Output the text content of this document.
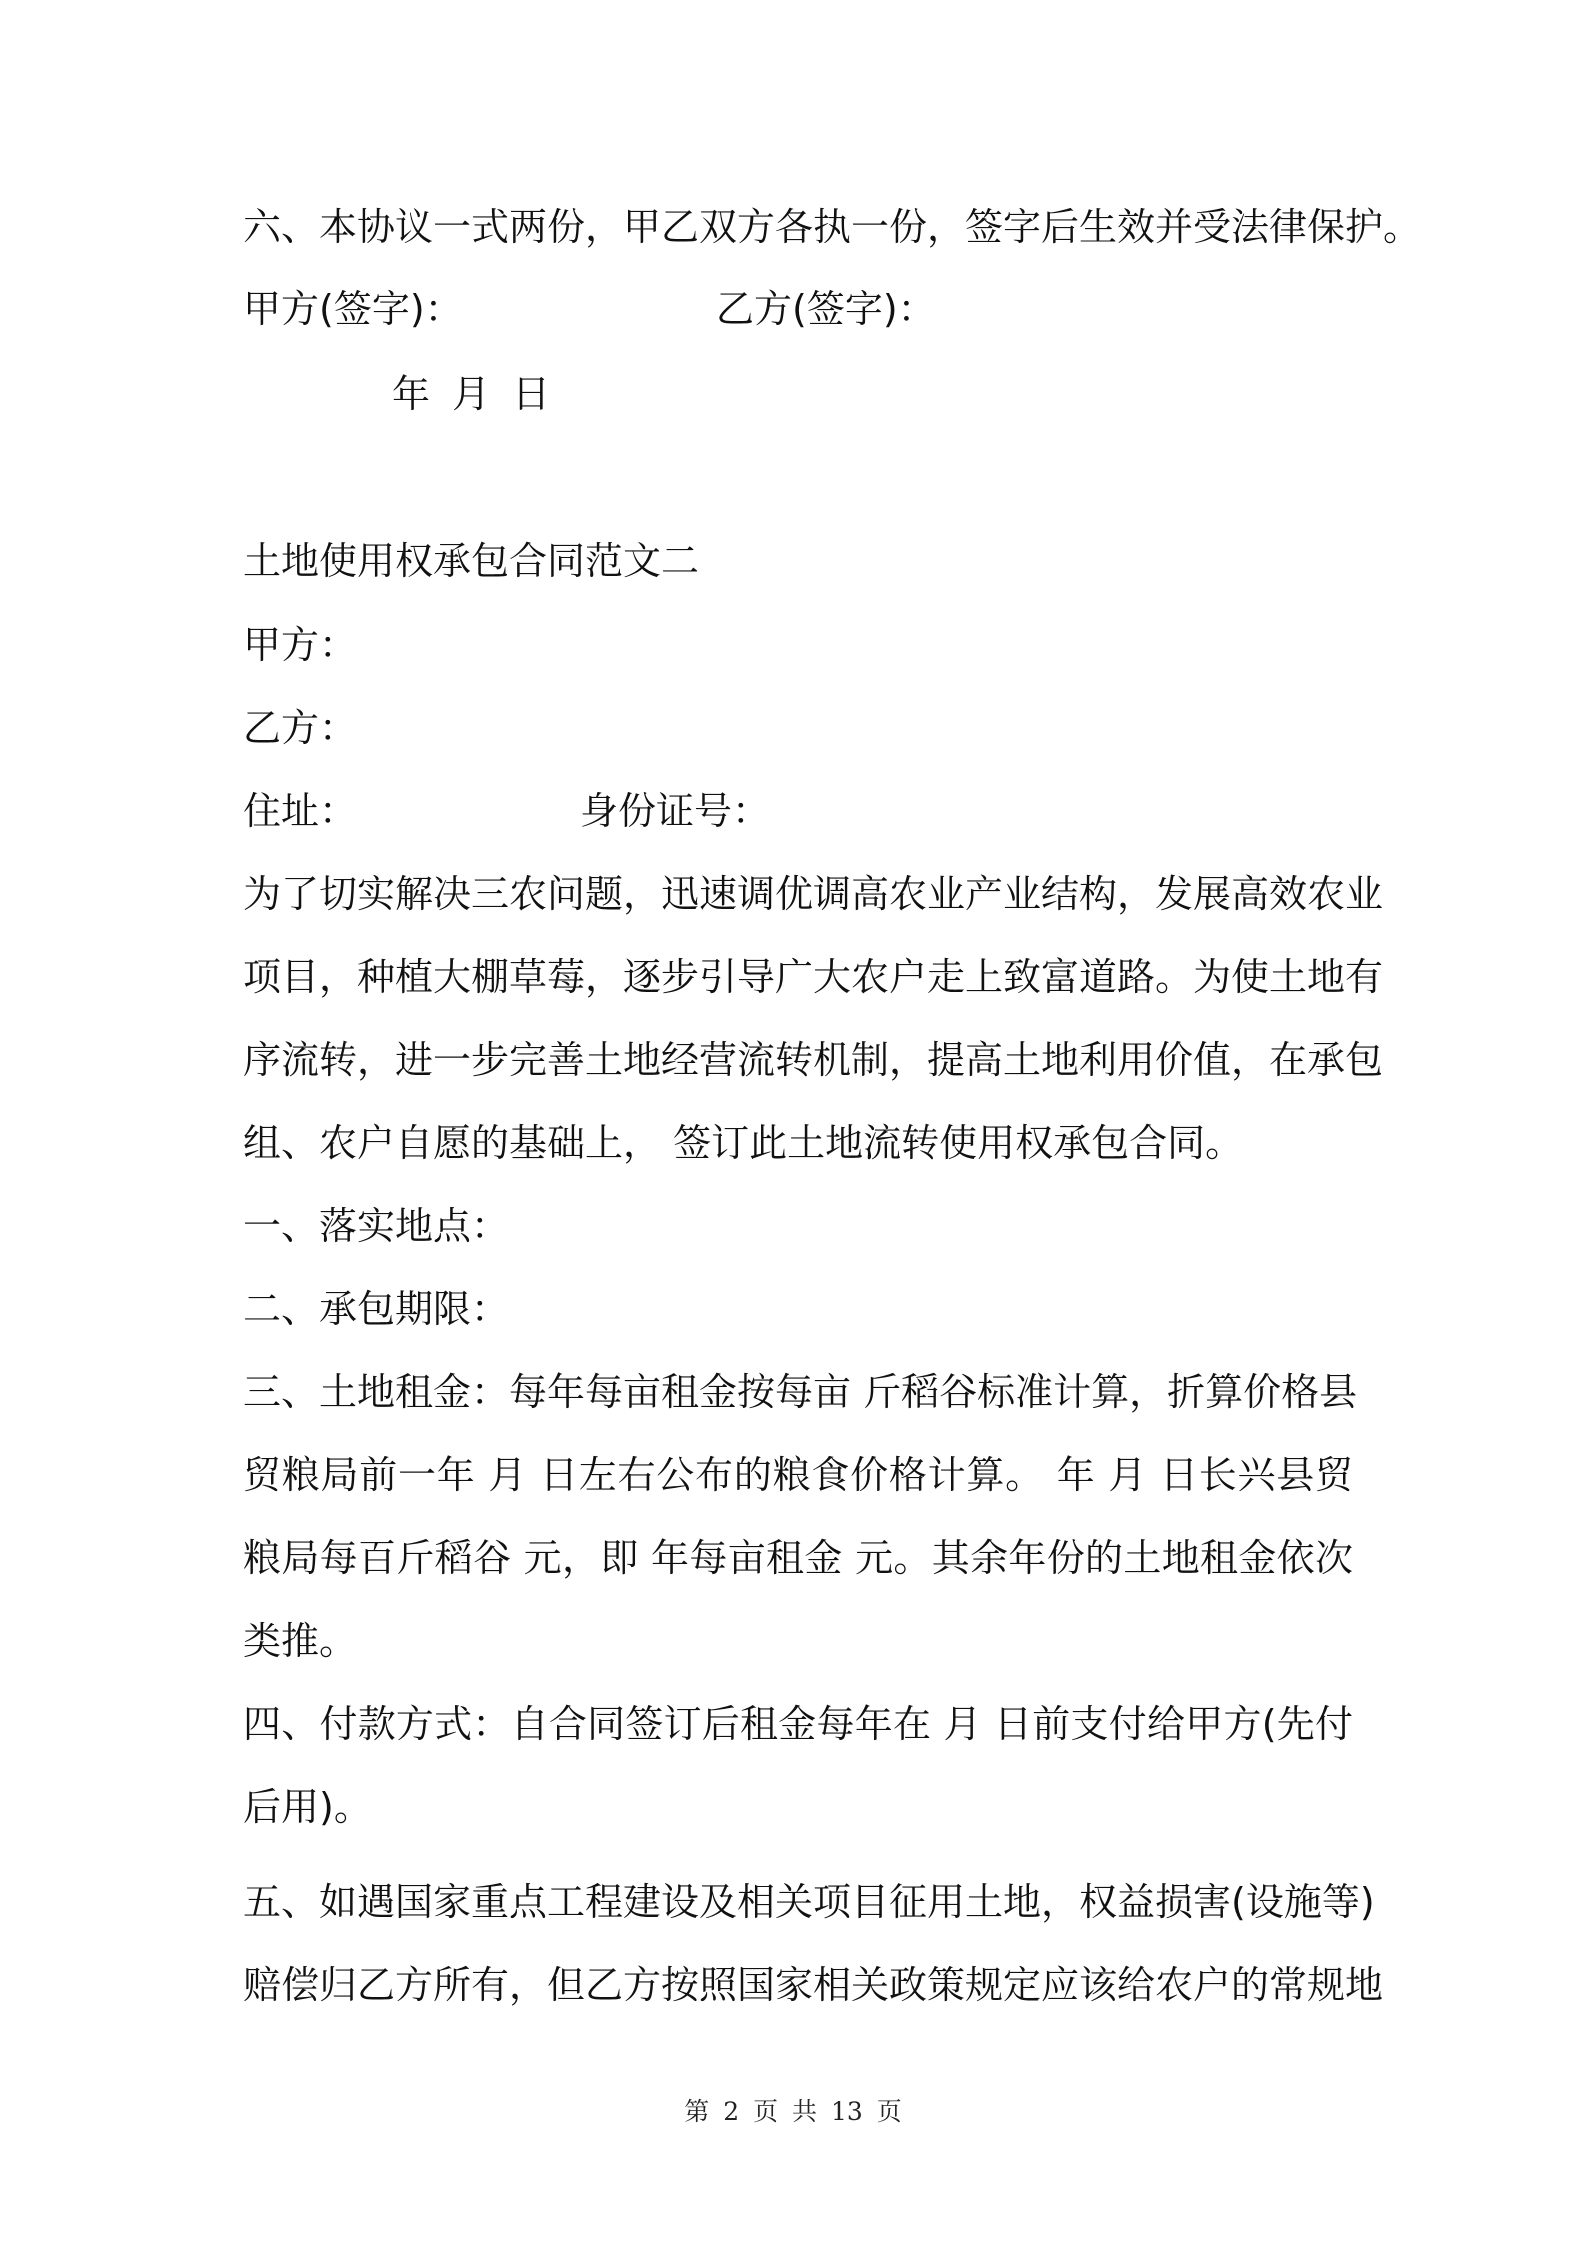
六、本协议一式两份，甲乙双方各执一份，签字后生效并受法律保护。
甲方(签字)：	乙方(签字)：
年 月 日
土地使用权承包合同范文二
甲方：
乙方：
住址：	身份证号：
为了切实解决三农问题，迅速调优调高农业产业结构，发展高效农业
项目，种植大棚草莓，逐步引导广大农户走上致富道路。为使土地有
序流转，进一步完善土地经营流转机制，提高土地利用价值，在承包
组、农户自愿的基础上， 签订此土地流转使用权承包合同。
一、落实地点：
二、承包期限：
三、土地租金：每年每亩租金按每亩 斤稻谷标准计算，折算价格县
贸粮局前一年 月 日左右公布的粮食价格计算。 年 月 日长兴县贸
粮局每百斤稻谷 元，即 年每亩租金 元。其余年份的土地租金依次
类推。
四、付款方式：自合同签订后租金每年在 月 日前支付给甲方(先付
后用)。
五、如遇国家重点工程建设及相关项目征用土地，权益损害(设施等)
赔偿归乙方所有，但乙方按照国家相关政策规定应该给农户的常规地
第 2 页 共 13 页
